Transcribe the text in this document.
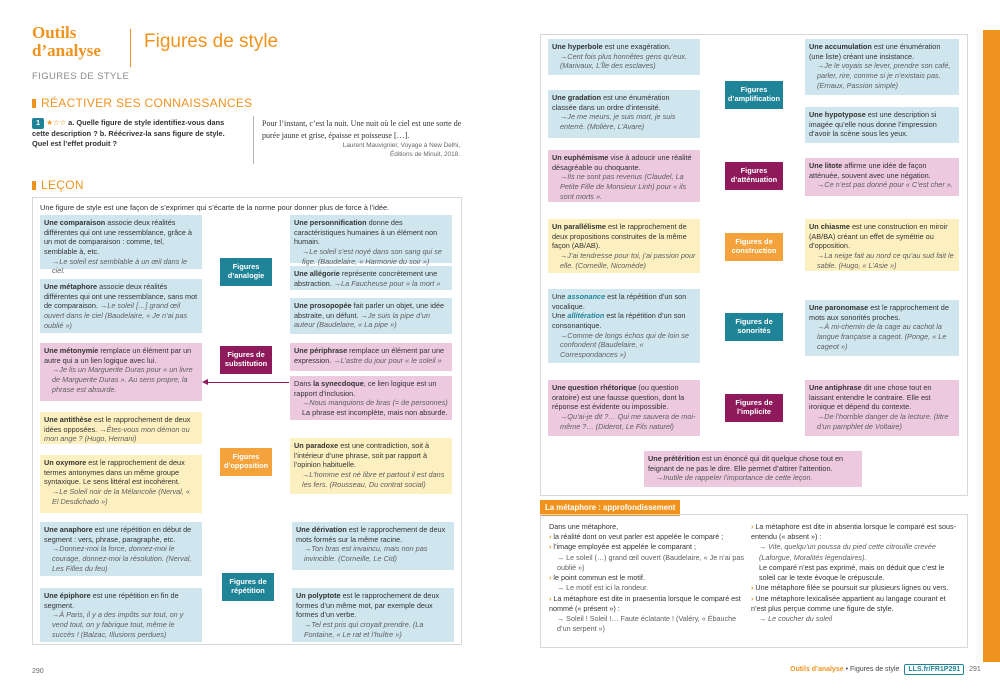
Outils
d’analyse Figures de style
FIGURES DE STYLE
RÉACTIVER SES CONNAISSANCES
1 ★☆☆ a. Quelle figure de style identifiez-vous dans cette description ? b. Réécrivez-la sans figure de style. Quel est l’effet produit ?
Pour l’instant, c’est la nuit. Une nuit où le ciel est une sorte de purée jaune et grise, épaisse et poisseuse […].
Laurent Mauvignier, Voyage à New Delhi,
Éditions de Minuit, 2018.
LEÇON
Une figure de style est une façon de s’exprimer qui s’écarte de la norme pour donner plus de force à l’idée.
Une comparaison associe deux réalités différentes qui ont une ressemblance, grâce à un mot de comparaison : comme, tel, semblable à, etc.
→Le soleil est semblable à un œil dans le ciel.
Une métaphore associe deux réalités différentes qui ont une ressemblance, sans mot de comparaison. →Le soleil […] grand œil ouvert dans le ciel (Baudelaire, « Je n’ai pas oublié »)
Une personnification donne des caractéristiques humaines à un élément non humain.
→Le soleil s’est noyé dans son sang qui se fige. (Baudelaire, « Harmonie du soir »)
Une allégorie représente concrètement une abstraction. →La Faucheuse pour « la mort »
Une prosopopée fait parler un objet, une idée abstraite, un défunt. →Je suis la pipe d’un auteur (Baudelaire, « La pipe »)
Figures d’analogie
Une métonymie remplace un élément par un autre qui a un lien logique avec lui.
→Je lis un Marguerite Duras pour « un livre de Marguerite Duras ». Au sens propre, la phrase est absurde.
Une périphrase remplace un élément par une expression. →L’astre du jour pour « le soleil »
Dans la synecdoque, ce lien logique est un rapport d’inclusion.
→Nous manquions de bras (= de personnes)
La phrase est incomplète, mais non absurde.
Figures de substitution
Une antithèse est le rapprochement de deux idées opposées. →Êtes-vous mon démon ou mon ange ? (Hugo, Hernani)
Un oxymore est le rapprochement de deux termes antonymes dans un même groupe syntaxique. Le sens littéral est incohérent.
→Le Soleil noir de la Mélancolie (Nerval, « El Desdichado »)
Un paradoxe est une contradiction, soit à l’intérieur d’une phrase, soit par rapport à l’opinion habituelle.
→L’homme est né libre et partout il est dans les fers. (Rousseau, Du contrat social)
Figures d’opposition
Une anaphore est une répétition en début de segment : vers, phrase, paragraphe, etc.
→Donnez-moi la force, donnez-moi le courage, donnez-moi la résolution. (Nerval, Les Filles du feu)
Une épiphore est une répétition en fin de segment.
→À Paris, il y a des impôts sur tout, on y vend tout, on y fabrique tout, même le succès ! (Balzac, Illusions perdues)
Une dérivation est le rapprochement de deux mots formés sur la même racine.
→Ton bras est invaincu, mais non pas invincible. (Corneille, Le Cid)
Un polyptote est le rapprochement de deux formes d’un même mot, par exemple deux formes d’un verbe.
→Tel est pris qui croyait prendre. (La Fontaine, « Le rat et l’huître »)
Figures de répétition
Une hyperbole est une exagération.
→Cent fois plus honnêtes gens qu’eux. (Marivaux, L’Île des esclaves)
Une gradation est une énumération classée dans un ordre d’intensité.
→Je me meurs, je suis mort, je suis enterré. (Molière, L’Avare)
Une accumulation est une énumération (une liste) créant une insistance.
→Je le voyais se lever, prendre son café, parler, rire, comme si je n’existais pas. (Ernaux, Passion simple)
Une hypotypose est une description si imagée qu’elle nous donne l’impression d’avoir la scène sous les yeux.
Figures d’amplification
Un euphémisme vise à adoucir une réalité désagréable ou choquante.
→Ils ne sont pas revenus (Claudel, La Petite Fille de Monsieur Linh) pour « ils sont morts ».
Une litote affirme une idée de façon atténuée, souvent avec une négation.
→Ce n’est pas donné pour « C’est cher ».
Figures d’atténuation
Un parallélisme est le rapprochement de deux propositions construites de la même façon (AB/AB).
→J’ai tendresse pour toi, j’ai passion pour elle. (Corneille, Nicomède)
Un chiasme est une construction en miroir (AB/BA) créant un effet de symétrie ou d’opposition.
→La neige fait au nord ce qu’au sud fait le sable. (Hugo, « L’Asie »)
Figures de construction
Une assonance est la répétition d’un son vocalique.
Une allitération est la répétition d’un son consonantique.
→Comme de longs échos qui de loin se confondent (Baudelaire, « Correspondances »)
Une paronomase est le rapprochement de mots aux sonorités proches.
→À mi-chemin de la cage au cachot la langue française a cageot. (Ponge, « Le cageot »)
Figures de sonorités
Une question rhétorique (ou question oratoire) est une fausse question, dont la réponse est évidente ou impossible.
→Qu’ai-je dit ?… Qui me sauvera de moi-même ?… (Diderot, Le Fils naturel)
Une antiphrase dit une chose tout en laissant entendre le contraire. Elle est ironique et dépend du contexte.
→De l’horrible danger de la lecture. (titre d’un pamphlet de Voltaire)
Figures de l’implicite
Une prétérition est un énoncé qui dit quelque chose tout en feignant de ne pas le dire. Elle permet d’attirer l’attention.
→Inutile de rappeler l’importance de cette leçon.
La métaphore : approfondissement
Dans une métaphore,
› la réalité dont on veut parler est appelée le comparé ;
› l’image employée est appelée le comparant ;
→ Le soleil (…) grand œil ouvert (Baudelaire, « Je n’ai pas oublié »)
› le point commun est le motif.
→ Le motif est ici la rondeur.
› La métaphore est dite in praesentia lorsque le comparé est nommé (« présent ») :
→ Soleil ! Soleil !… Faute éclatante ! (Valéry, « Ébauche d’un serpent »)
› La métaphore est dite in absentia lorsque le comparé est sous-entendu (« absent ») :
→ Vite, quelqu’un poussa du pied cette citrouille crevée (Laforgue, Moralités légendaires).
Le comparé n’est pas exprimé, mais on déduit que c’est le soleil car le texte évoque le crépuscule.
› Une métaphore filée se poursuit sur plusieurs lignes ou vers.
› Une métaphore lexicalisée appartient au langage courant et n’est plus perçue comme une figure de style.
→ Le coucher du soleil
290	Outils d’analyse • Figures de style LLS.fr/FR1P291 291
